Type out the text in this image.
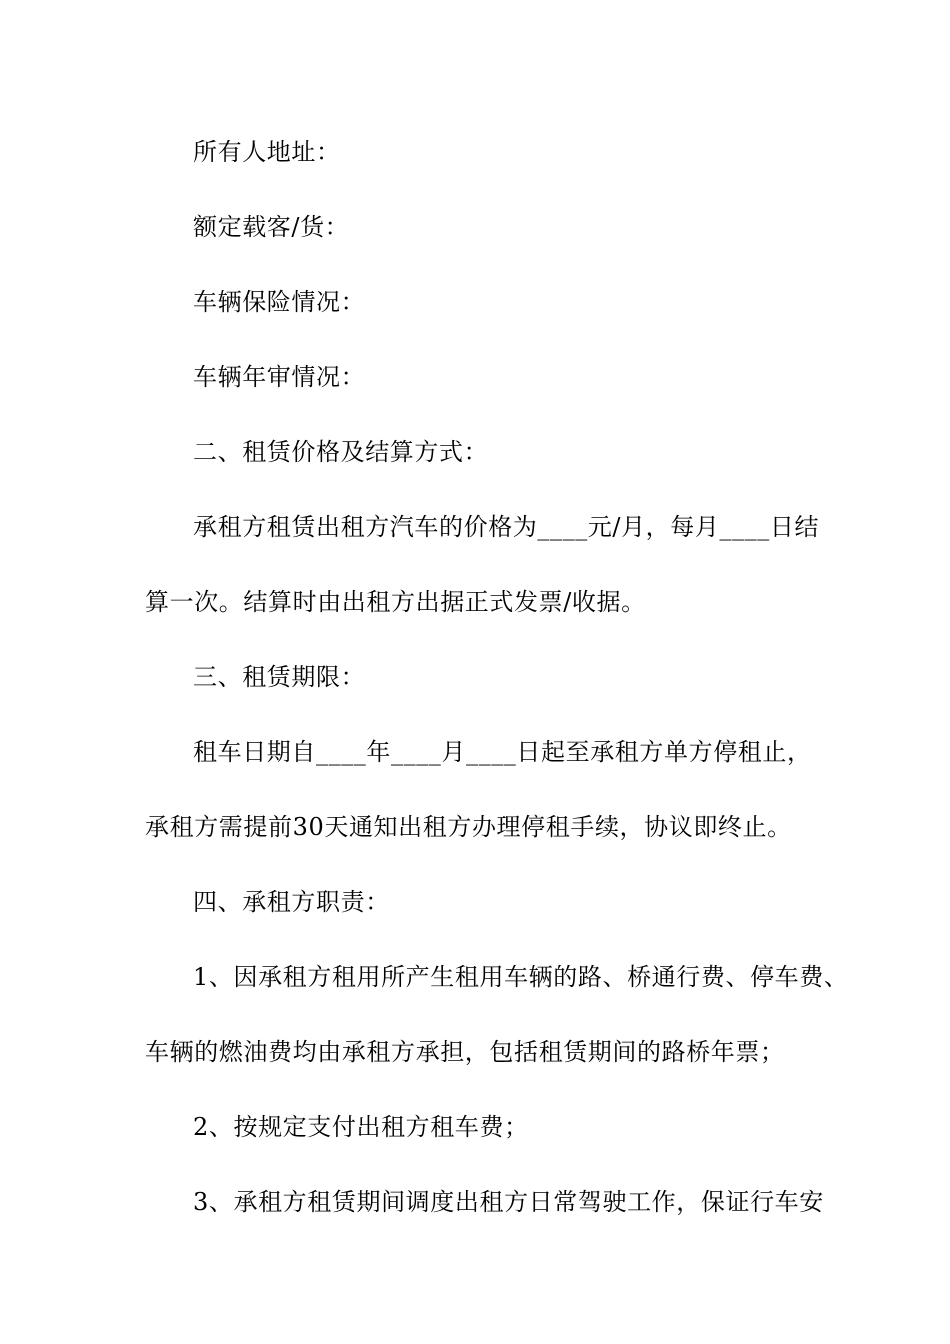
所有人地址：
额定载客/货：
车辆保险情况：
车辆年审情况：
二、租赁价格及结算方式：
承租方租赁出租方汽车的价格为____元/月，每月____日结
算一次。结算时由出租方出据正式发票/收据。
三、租赁期限：
租车日期自____年____月____日起至承租方单方停租止，
承租方需提前30天通知出租方办理停租手续，协议即终止。
四、承租方职责：
1、因承租方租用所产生租用车辆的路、桥通行费、停车费、
车辆的燃油费均由承租方承担，包括租赁期间的路桥年票；
2、按规定支付出租方租车费；
3、承租方租赁期间调度出租方日常驾驶工作，保证行车安
